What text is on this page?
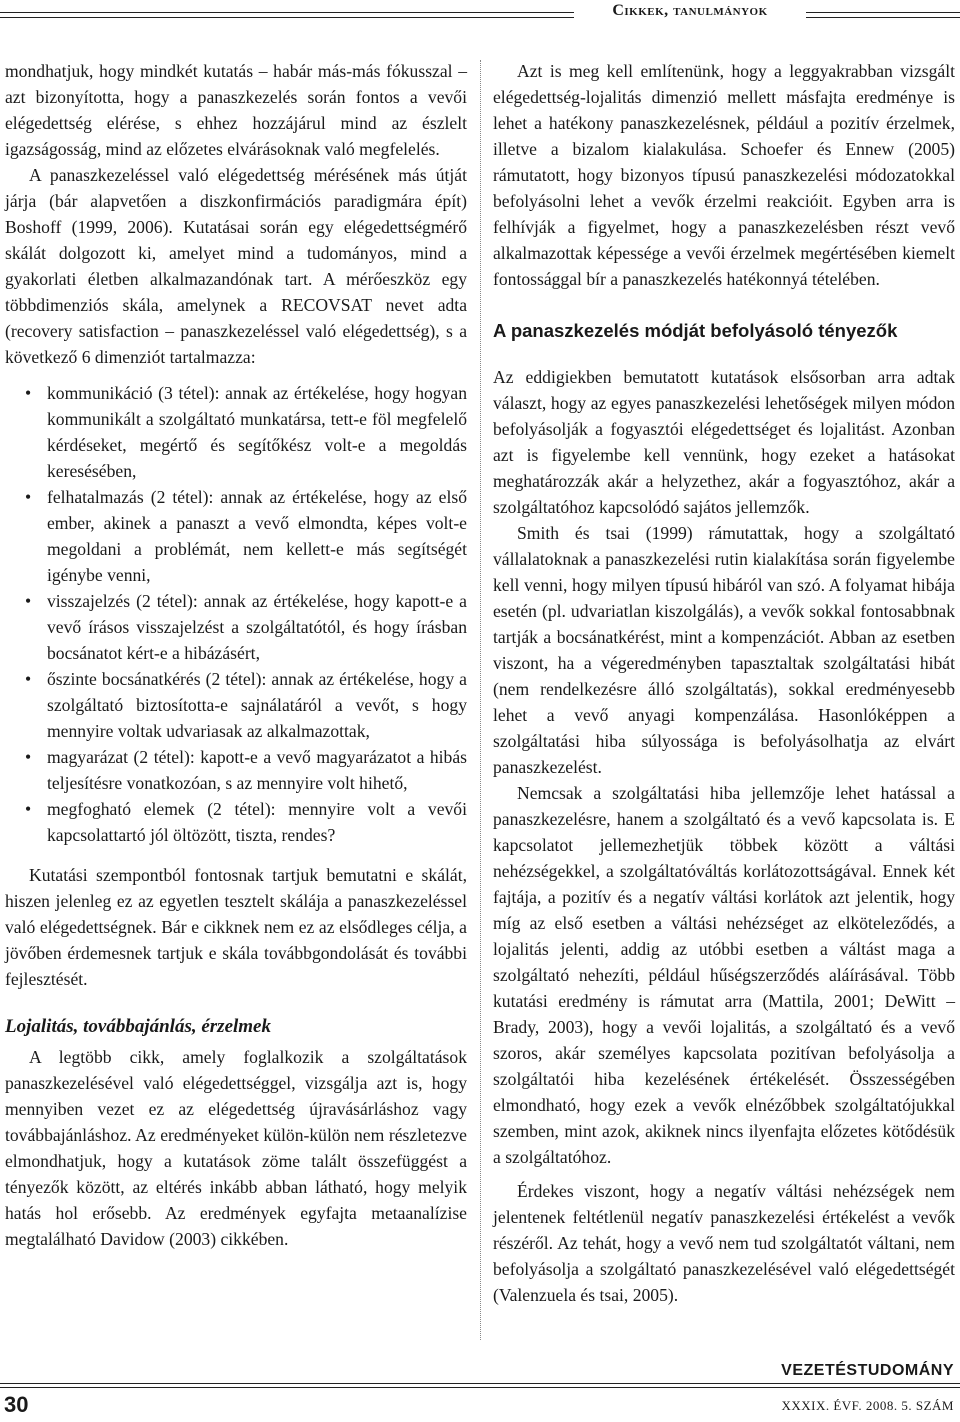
Cikkek, tanulmányok

mondhatjuk, hogy mindkét kutatás – habár más-más fókusszal – azt bizonyította, hogy a panaszkezelés során fontos a vevői elégedettség elérése, s ehhez hozzájárul mind az észlelt igazságosság, mind az előzetes elvárásoknak való megfelelés.

A panaszkezeléssel való elégedettség mérésének más útját járja (bár alapvetően a diszkonfirmációs paradigmára épít) Boshoff (1999, 2006). Kutatásai során egy elégedettségmérő skálát dolgozott ki, amelyet mind a tudományos, mind a gyakorlati életben alkalmazandónak tart. A mérőeszköz egy többdimenziós skála, amelynek a RECOVSAT nevet adta (recovery satisfaction – panaszkezeléssel való elégedettség), s a következő 6 dimenziót tartalmazza:

• kommunikáció (3 tétel): annak az értékelése, hogy hogyan kommunikált a szolgáltató munkatársa, tett-e föl megfelelő kérdéseket, megértő és segítőkész volt-e a megoldás keresésében,
• felhatalmazás (2 tétel): annak az értékelése, hogy az első ember, akinek a panaszt a vevő elmondta, képes volt-e megoldani a problémát, nem kellett-e más segítségét igénybe venni,
• visszajelzés (2 tétel): annak az értékelése, hogy kapott-e a vevő írásos visszajelzést a szolgáltatótól, és hogy írásban bocsánatot kért-e a hibázásért,
• őszinte bocsánatkérés (2 tétel): annak az értékelése, hogy a szolgáltató biztosította-e sajnálatáról a vevőt, s hogy mennyire voltak udvariasak az alkalmazottak,
• magyarázat (2 tétel): kapott-e a vevő magyarázatot a hibás teljesítésre vonatkozóan, s az mennyire volt hihető,
• megfogható elemek (2 tétel): mennyire volt a vevői kapcsolattartó jól öltözött, tiszta, rendes?

Kutatási szempontból fontosnak tartjuk bemutatni e skálát, hiszen jelenleg ez az egyetlen tesztelt skálája a panaszkezeléssel való elégedettségnek. Bár e cikknek nem ez az elsődleges célja, a jövőben érdemesnek tartjuk e skála továbbgondolását és további fejlesztését.

Lojalitás, továbbajánlás, érzelmek

A legtöbb cikk, amely foglalkozik a szolgáltatások panaszkezelésével való elégedettséggel, vizsgálja azt is, hogy mennyiben vezet ez az elégedettség újravásárláshoz vagy továbbajánláshoz. Az eredményeket külön-külön nem részletezve elmondhatjuk, hogy a kutatások zöme talált összefüggést a tényezők között, az eltérés inkább abban látható, hogy melyik hatás hol erősebb. Az eredmények egyfajta metaanalízise megtalálható Davidow (2003) cikkében.

Azt is meg kell említenünk, hogy a leggyakrabban vizsgált elégedettség-lojalitás dimenzió mellett másfajta eredménye is lehet a hatékony panaszkezelésnek, például a pozitív érzelmek, illetve a bizalom kialakulása. Schoefer és Ennew (2005) rámutatott, hogy bizonyos típusú panaszkezelési módozatokkal befolyásolni lehet a vevők érzelmi reakcióit. Egyben arra is felhívják a figyelmet, hogy a panaszkezelésben részt vevő alkalmazottak képessége a vevői érzelmek megértésében kiemelt fontossággal bír a panaszkezelés hatékonnyá tételében.

A panaszkezelés módját befolyásoló tényezők

Az eddigiekben bemutatott kutatások elsősorban arra adtak választ, hogy az egyes panaszkezelési lehetőségek milyen módon befolyásolják a fogyasztói elégedettséget és lojalitást. Azonban azt is figyelembe kell vennünk, hogy ezeket a hatásokat meghatározzák akár a helyzethez, akár a fogyasztóhoz, akár a szolgáltatóhoz kapcsolódó sajátos jellemzők.

Smith és tsai (1999) rámutattak, hogy a szolgáltató vállalatoknak a panaszkezelési rutin kialakítása során figyelembe kell venni, hogy milyen típusú hibáról van szó. A folyamat hibája esetén (pl. udvariatlan kiszolgálás), a vevők sokkal fontosabbnak tartják a bocsánatkérést, mint a kompenzációt. Abban az esetben viszont, ha a végeredményben tapasztaltak szolgáltatási hibát (nem rendelkezésre álló szolgáltatás), sokkal eredményesebb lehet a vevő anyagi kompenzálása. Hasonlóképpen a szolgáltatási hiba súlyossága is befolyásolhatja az elvárt panaszkezelést.

Nemcsak a szolgáltatási hiba jellemzője lehet hatással a panaszkezelésre, hanem a szolgáltató és a vevő kapcsolata is. E kapcsolatot jellemezhetjük többek között a váltási nehézségekkel, a szolgáltatóváltás korlátozottságával. Ennek két fajtája, a pozitív és a negatív váltási korlátok azt jelentik, hogy míg az első esetben a váltási nehézséget az elköteleződés, a lojalitás jelenti, addig az utóbbi esetben a váltást maga a szolgáltató nehezíti, például hűségszerződés aláírásával. Több kutatási eredmény is rámutat arra (Mattila, 2001; DeWitt – Brady, 2003), hogy a vevői lojalitás, a szolgáltató és a vevő szoros, akár személyes kapcsolata pozitívan befolyásolja a szolgáltatói hiba kezelésének értékelését. Összességében elmondható, hogy ezek a vevők elnézőbbek szolgáltatójukkal szemben, mint azok, akiknek nincs ilyenfajta előzetes kötődésük a szolgáltatóhoz.

Érdekes viszont, hogy a negatív váltási nehézségek nem jelentenek feltétlenül negatív panaszkezelési értékelést a vevők részéről. Az tehát, hogy a vevő nem tud szolgáltatót váltani, nem befolyásolja a szolgáltató panaszkezelésével való elégedettségét (Valenzuela és tsai, 2005).

VEZETÉSTUDOMÁNY
30	XXXIX. ÉVF. 2008. 5. SZÁM
